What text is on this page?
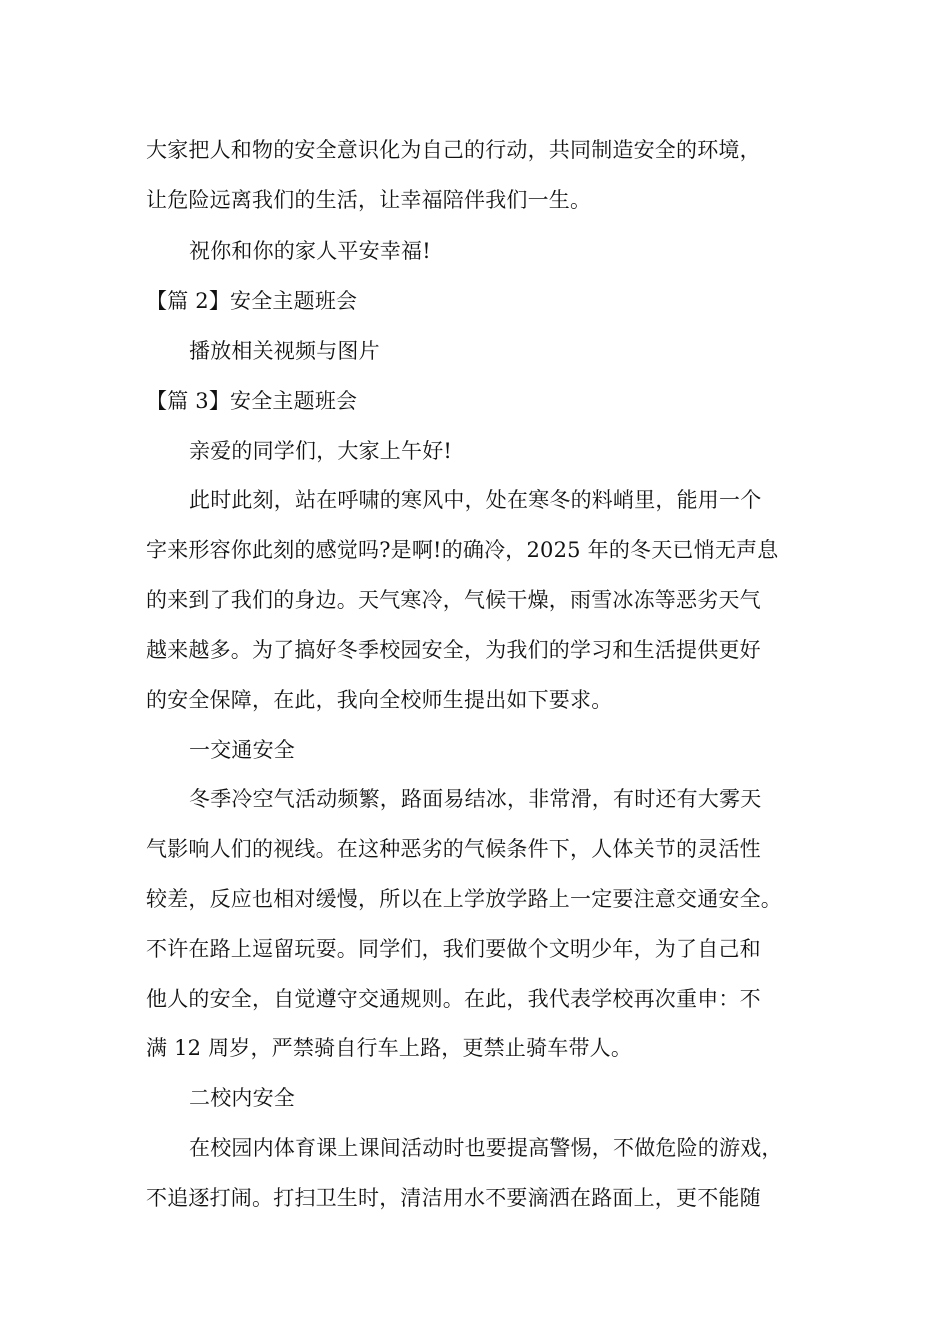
大家把人和物的安全意识化为自己的行动，共同制造安全的环境，
让危险远离我们的生活，让幸福陪伴我们一生。
祝你和你的家人平安幸福!
【篇 2】安全主题班会
播放相关视频与图片
【篇 3】安全主题班会
亲爱的同学们，大家上午好!
此时此刻，站在呼啸的寒风中，处在寒冬的料峭里，能用一个
字来形容你此刻的感觉吗?是啊!的确冷，2025 年的冬天已悄无声息
的来到了我们的身边。天气寒冷，气候干燥，雨雪冰冻等恶劣天气
越来越多。为了搞好冬季校园安全，为我们的学习和生活提供更好
的安全保障，在此，我向全校师生提出如下要求。
一交通安全
冬季冷空气活动频繁，路面易结冰，非常滑，有时还有大雾天
气影响人们的视线。在这种恶劣的气候条件下，人体关节的灵活性
较差，反应也相对缓慢，所以在上学放学路上一定要注意交通安全。
不许在路上逗留玩耍。同学们，我们要做个文明少年，为了自己和
他人的安全，自觉遵守交通规则。在此，我代表学校再次重申：不
满 12 周岁，严禁骑自行车上路，更禁止骑车带人。
二校内安全
在校园内体育课上课间活动时也要提高警惕，不做危险的游戏，
不追逐打闹。打扫卫生时，清洁用水不要滴洒在路面上，更不能随
